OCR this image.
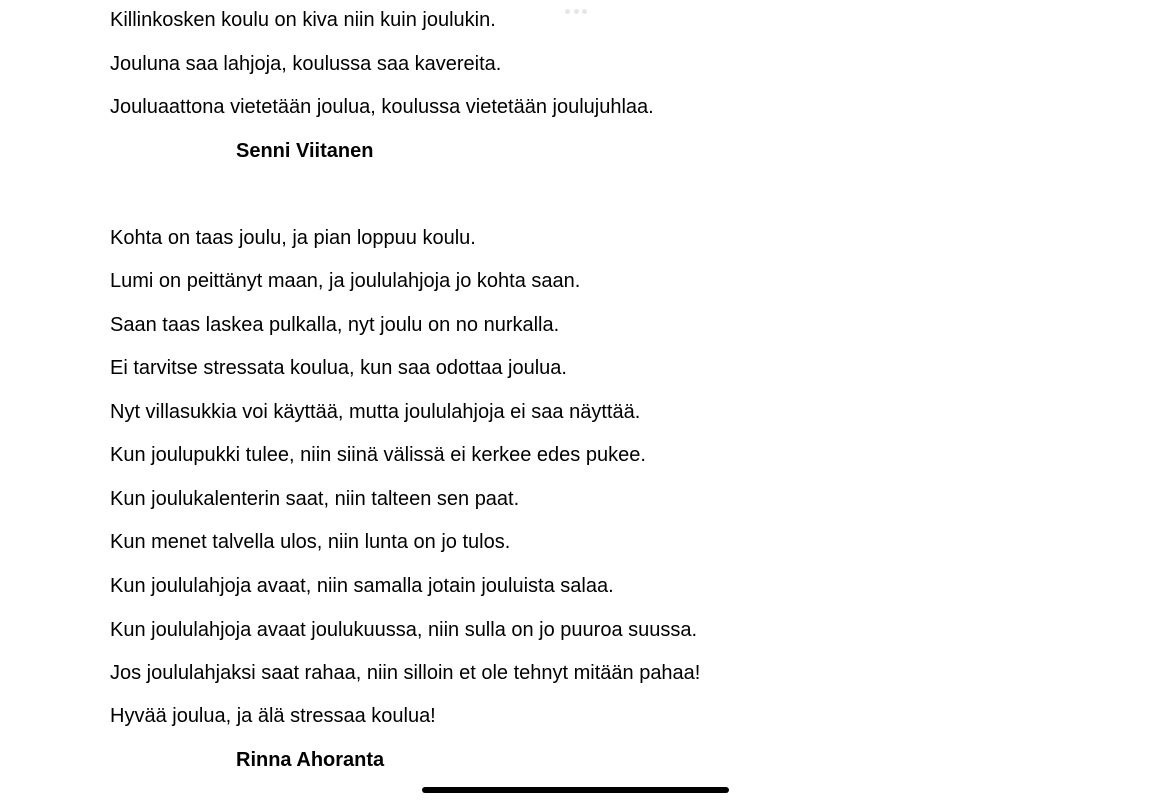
Killinkosken koulu on kiva niin kuin joulukin.
Jouluna saa lahjoja, koulussa saa kavereita.
Jouluaattona vietetään joulua, koulussa vietetään joulujuhlaa.
Senni Viitanen
Kohta on taas joulu, ja pian loppuu koulu.
Lumi on peittänyt maan, ja joululahjoja jo kohta saan.
Saan taas laskea pulkalla, nyt joulu on no nurkalla.
Ei tarvitse stressata koulua, kun saa odottaa joulua.
Nyt villasukkia voi käyttää, mutta joululahjoja ei saa näyttää.
Kun joulupukki tulee, niin siinä välissä ei kerkee edes pukee.
Kun joulukalenterin saat, niin talteen sen paat.
Kun menet talvella ulos, niin lunta on jo tulos.
Kun joululahjoja avaat, niin samalla jotain jouluista salaa.
Kun joululahjoja avaat joulukuussa, niin sulla on jo puuroa suussa.
Jos joululahjaksi saat rahaa, niin silloin et ole tehnyt mitään pahaa!
Hyvää joulua, ja älä stressaa koulua!
Rinna Ahoranta
